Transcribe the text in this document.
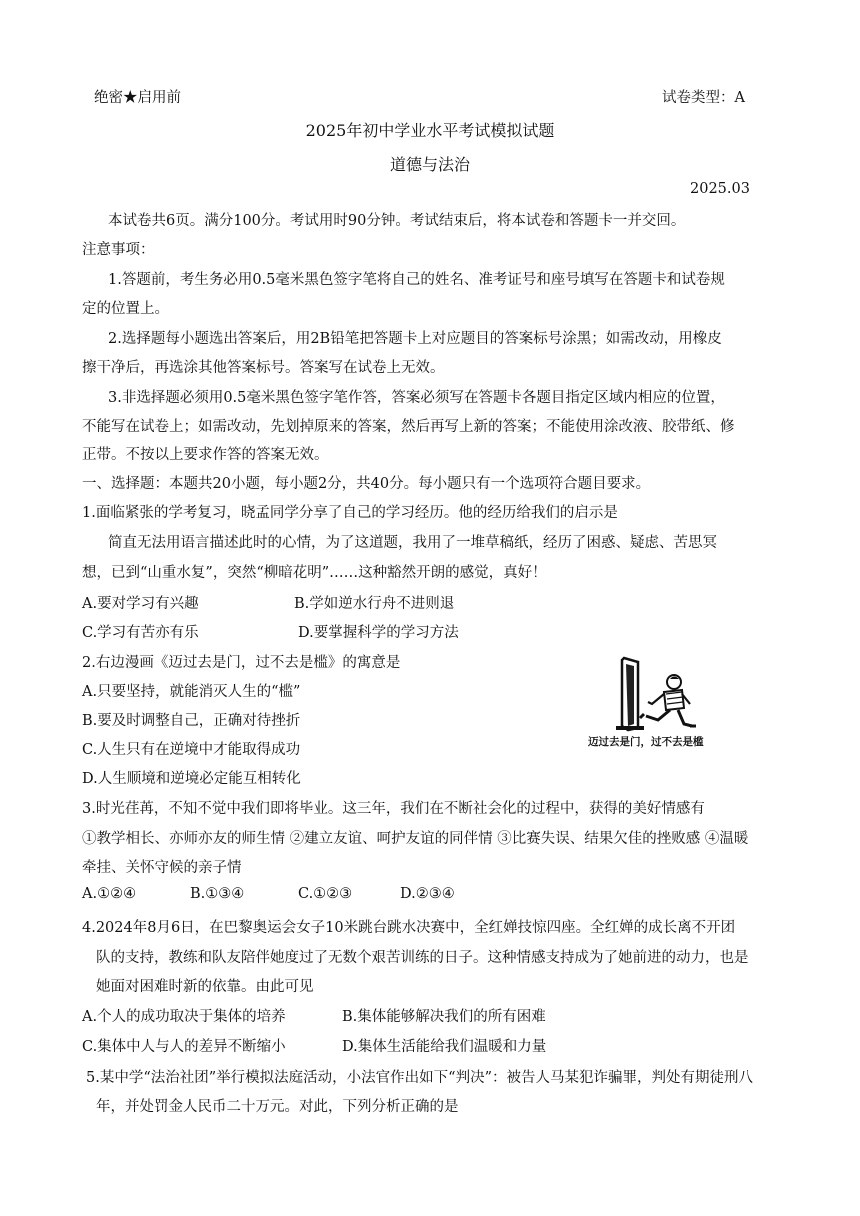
绝密★启用前	试卷类型：A
2025年初中学业水平考试模拟试题
道德与法治
2025.03
本试卷共6页。满分100分。考试用时90分钟。考试结束后，将本试卷和答题卡一并交回。
注意事项：
1.答题前，考生务必用0.5毫米黑色签字笔将自己的姓名、准考证号和座号填写在答题卡和试卷规
定的位置上。
2.选择题每小题选出答案后，用2B铅笔把答题卡上对应题目的答案标号涂黑；如需改动，用橡皮
擦干净后，再选涂其他答案标号。答案写在试卷上无效。
3.非选择题必须用0.5毫米黑色签字笔作答，答案必须写在答题卡各题目指定区域内相应的位置，
不能写在试卷上；如需改动，先划掉原来的答案，然后再写上新的答案；不能使用涂改液、胶带纸、修
正带。不按以上要求作答的答案无效。
一、选择题：本题共20小题，每小题2分，共40分。每小题只有一个选项符合题目要求。
1.面临紧张的学考复习，晓孟同学分享了自己的学习经历。他的经历给我们的启示是
简直无法用语言描述此时的心情，为了这道题，我用了一堆草稿纸，经历了困惑、疑虑、苦思冥
想，已到“山重水复”，突然“柳暗花明”……这种豁然开朗的感觉，真好！
A.要对学习有兴趣	B.学如逆水行舟不进则退
C.学习有苦亦有乐	D.要掌握科学的学习方法
2.右边漫画《迈过去是门，过不去是槛》的寓意是
A.只要坚持，就能消灭人生的“槛”
B.要及时调整自己，正确对待挫折
C.人生只有在逆境中才能取得成功
D.人生顺境和逆境必定能互相转化
迈过去是门，过不去是槛
3.时光荏苒，不知不觉中我们即将毕业。这三年，我们在不断社会化的过程中，获得的美好情感有
①教学相长、亦师亦友的师生情 ②建立友谊、呵护友谊的同伴情 ③比赛失误、结果欠佳的挫败感 ④温暖
牵挂、关怀守候的亲子情
A.①②④	B.①③④	C.①②③	D.②③④
4.2024年8月6日，在巴黎奥运会女子10米跳台跳水决赛中，全红婵技惊四座。全红婵的成长离不开团
队的支持，教练和队友陪伴她度过了无数个艰苦训练的日子。这种情感支持成为了她前进的动力，也是
她面对困难时新的依靠。由此可见
A.个人的成功取决于集体的培养	B.集体能够解决我们的所有困难
C.集体中人与人的差异不断缩小	D.集体生活能给我们温暖和力量
5.某中学“法治社团”举行模拟法庭活动，小法官作出如下“判决”：被告人马某犯诈骗罪，判处有期徒刑八
年，并处罚金人民币二十万元。对此，下列分析正确的是
